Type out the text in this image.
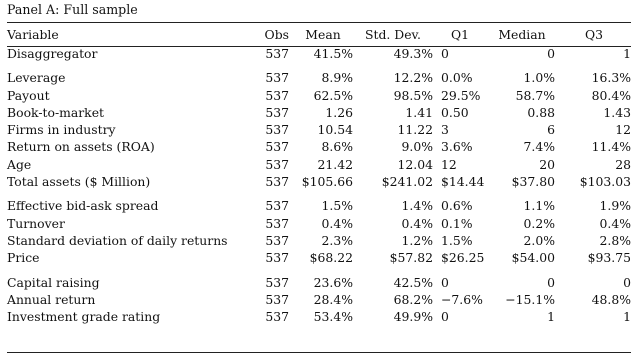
Panel A: Full sample
Variable	Obs	Mean	Std. Dev.	Q1	Median	Q3
Disaggregator	537	41.5%	49.3%	0	0	1

Leverage	537	8.9%	12.2%	0.0%	1.0%	16.3%
Payout	537	62.5%	98.5%	29.5%	58.7%	80.4%
Book-to-market	537	1.26	1.41	0.50	0.88	1.43
Firms in industry	537	10.54	11.22	3	6	12
Return on assets (ROA)	537	8.6%	9.0%	3.6%	7.4%	11.4%
Age	537	21.42	12.04	12	20	28
Total assets ($ Million)	537	$105.66	$241.02	$14.44	$37.80	$103.03

Effective bid-ask spread	537	1.5%	1.4%	0.6%	1.1%	1.9%
Turnover	537	0.4%	0.4%	0.1%	0.2%	0.4%
Standard deviation of daily returns	537	2.3%	1.2%	1.5%	2.0%	2.8%
Price	537	$68.22	$57.82	$26.25	$54.00	$93.75

Capital raising	537	23.6%	42.5%	0	0	0
Annual return	537	28.4%	68.2%	−7.6%	−15.1%	48.8%
Investment grade rating	537	53.4%	49.9%	0	1	1
